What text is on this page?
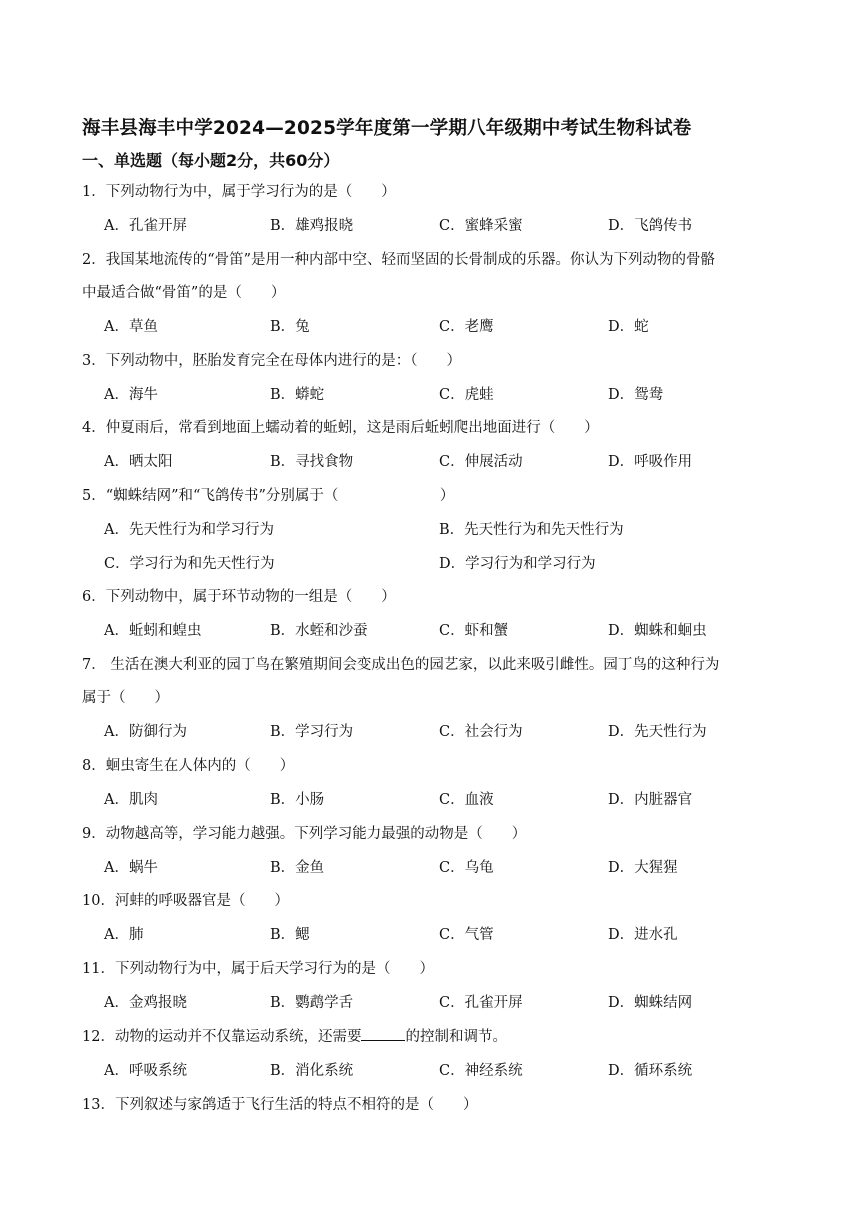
海丰县海丰中学2024—2025学年度第一学期八年级期中考试生物科试卷
一、单选题（每小题2分，共60分）
1．下列动物行为中，属于学习行为的是（　　）
A．孔雀开屏	B．雄鸡报晓	C．蜜蜂采蜜	D．飞鸽传书
2．我国某地流传的“骨笛”是用一种内部中空、轻而坚固的长骨制成的乐器。你认为下列动物的骨骼
中最适合做“骨笛”的是（　　）
A．草鱼	B．兔	C．老鹰	D．蛇
3．下列动物中，胚胎发育完全在母体内进行的是：（　　）
A．海牛	B．蟒蛇	C．虎蛙	D．鸳鸯
4．仲夏雨后，常看到地面上蠕动着的蚯蚓，这是雨后蚯蚓爬出地面进行（　　）
A．晒太阳	B．寻找食物	C．伸展活动	D．呼吸作用
5．“蜘蛛结网”和“飞鸽传书”分别属于（　　　　　　　）
A．先天性行为和学习行为	B．先天性行为和先天性行为
C．学习行为和先天性行为	D．学习行为和学习行为
6．下列动物中，属于环节动物的一组是（　　）
A．蚯蚓和蝗虫	B．水蛭和沙蚕	C．虾和蟹	D．蜘蛛和蛔虫
7． 生活在澳大利亚的园丁鸟在繁殖期间会变成出色的园艺家，以此来吸引雌性。园丁鸟的这种行为
属于（　　）
A．防御行为	B．学习行为	C．社会行为	D．先天性行为
8．蛔虫寄生在人体内的（　　）
A．肌肉	B．小肠	C．血液	D．内脏器官
9．动物越高等，学习能力越强。下列学习能力最强的动物是（　　）
A．蜗牛	B．金鱼	C．乌龟	D．大猩猩
10．河蚌的呼吸器官是（　　）
A．肺	B．鳃	C．气管	D．进水孔
11．下列动物行为中，属于后天学习行为的是（　　）
A．金鸡报晓	B．鹦鹉学舌	C．孔雀开屏	D．蜘蛛结网
12．动物的运动并不仅靠运动系统，还需要	的控制和调节。
A．呼吸系统	B．消化系统	C．神经系统	D．循环系统
13．下列叙述与家鸽适于飞行生活的特点不相符的是（　　）
